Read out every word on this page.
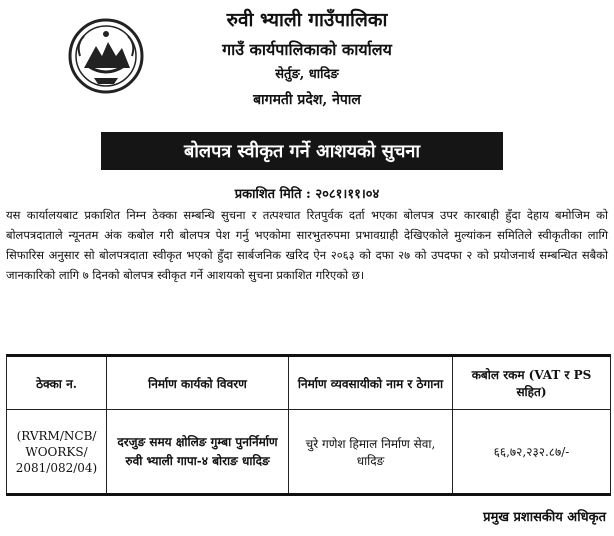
रुवी भ्याली गाउँपालिका
गाउँ कार्यपालिकाको कार्यालय
सेर्तुङ, धादिङ
बागमती प्रदेश, नेपाल
बोलपत्र स्वीकृत गर्ने आशयको सुचना
प्रकाशित मिति : २०८१।११।०४
यस कार्यालयबाट प्रकाशित निम्न ठेक्का सम्बन्धि सुचना र तत्पश्चात रितपुर्वक दर्ता भएका बोलपत्र उपर कारबाही हुँदा देहाय बमोजिम को बोलपत्रदाताले न्यूनतम अंक कबोल गरी बोलपत्र पेश गर्नु भएकोमा सारभुतरुपमा प्रभावग्राही देखिएकोले मुल्यांकन समितिले स्वीकृतीका लागि सिफारिस अनुसार सो बोलपत्रदाता स्वीकृत भएको हुँदा सार्बजनिक खरिद ऐन २०६३ को दफा २७ को उपदफा २ को प्रयोजनार्थ सम्बन्धित सबैको जानकारिको लागि ७ दिनको बोलपत्र स्वीकृत गर्ने आशयको सुचना प्रकाशित गरिएको छ।
ठेक्का न.	निर्माण कार्यको विवरण	निर्माण व्यवसायीको नाम र ठेगाना	कबोल रकम (VAT र PS सहित)
(RVRM/NCB/ WOORKS/ 2081/082/04)	दरजुङ समय क्षोलिङ गुम्बा पुनर्निर्माण रुवी भ्याली गापा-४ बोराङ धादिङ	चुरे गणेश हिमाल निर्माण सेवा, धादिङ	६६,७२,२३२.८७/-
प्रमुख प्रशासकीय अधिकृत
